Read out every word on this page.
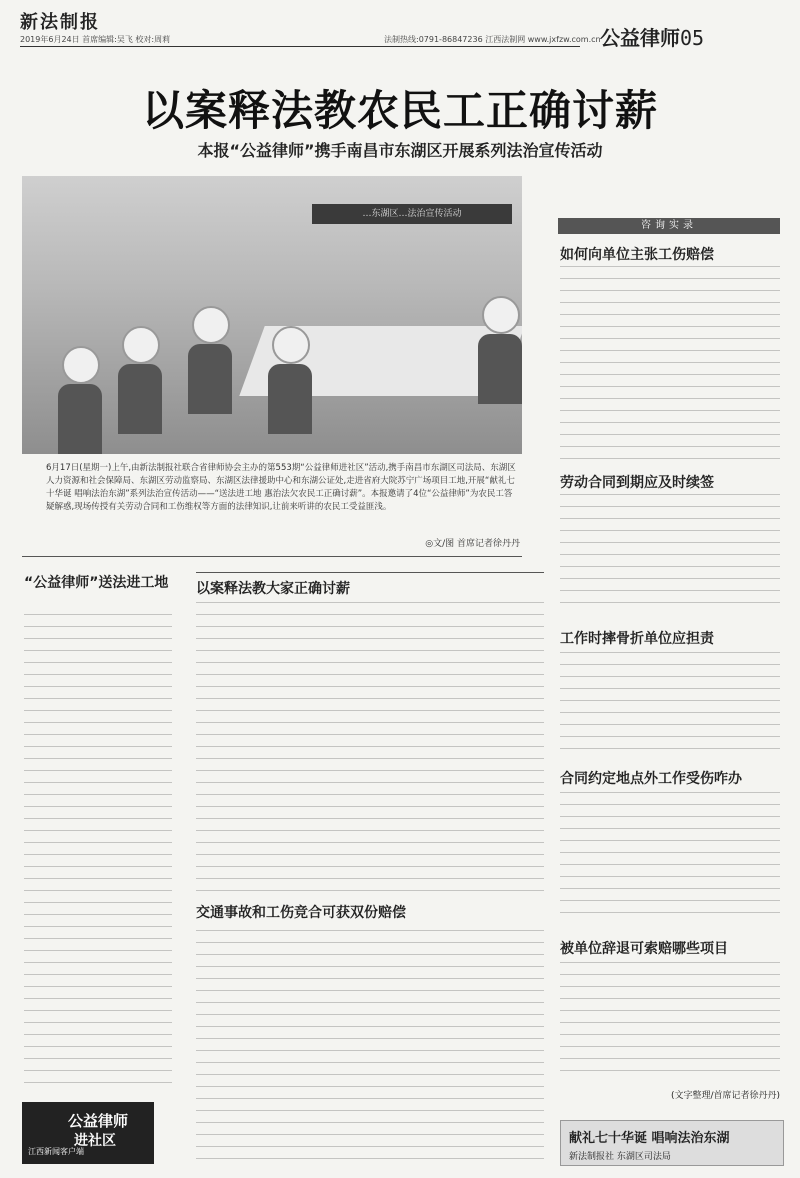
新法制报
2019年6月24日 首席编辑:吴飞 校对:周莉	法制热线:0791-86847236 江西法制网 www.jxfzw.com.cn 公益律师05
以案释法教农民工正确讨薪
本报“公益律师”携手南昌市东湖区开展系列法治宣传活动
…东湖区…法治宣传活动
6月17日(星期一)上午,由新法制报社联合省律师协会主办的第553期“公益律师进社区”活动,携手南昌市东湖区司法局、东湖区人力资源和社会保障局、东湖区劳动监察局、东湖区法律援助中心和东湖公证处,走进省府大院苏宁广场项目工地,开展“献礼七十华诞 唱响法治东湖”系列法治宣传活动——“送法进工地 惠治法欠农民工正确讨薪”。本报邀请了4位“公益律师”为农民工答疑解惑,现场传授有关劳动合同和工伤维权等方面的法律知识,让前来听讲的农民工受益匪浅。
◎文/图 首席记者徐丹丹
“公益律师”送法进工地
公益律师
进社区
江西新闻客户端
以案释法教大家正确讨薪
交通事故和工伤竞合可获双份赔偿
咨询实录
如何向单位主张工伤赔偿
劳动合同到期应及时续签
工作时摔骨折单位应担责
合同约定地点外工作受伤咋办
被单位辞退可索赔哪些项目
(文字整理/首席记者徐丹丹)
献礼七十华诞 唱响法治东湖
新法制报社 东湖区司法局
